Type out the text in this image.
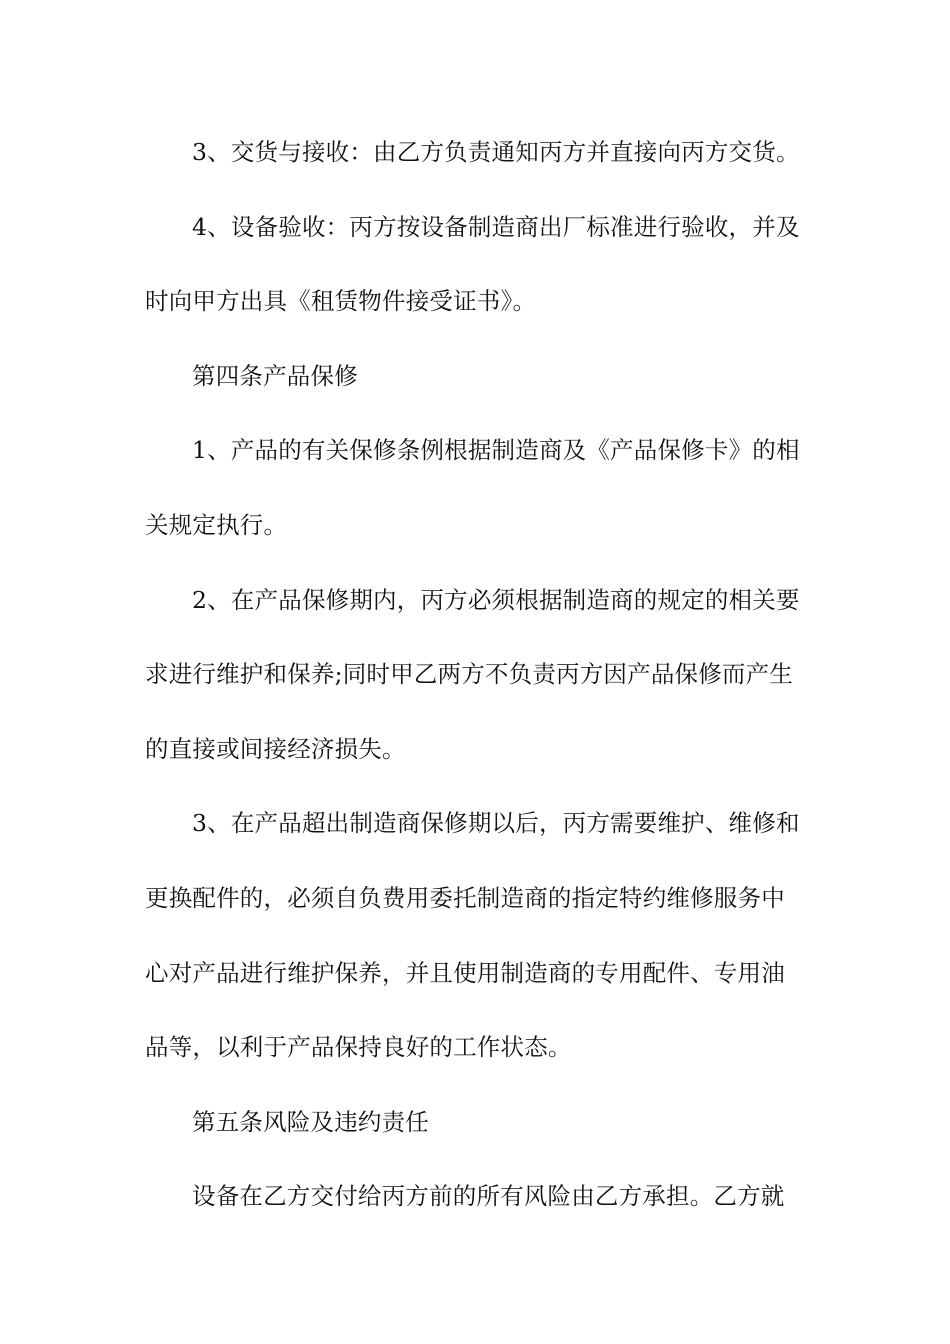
3、交货与接收：由乙方负责通知丙方并直接向丙方交货。
4、设备验收：丙方按设备制造商出厂标准进行验收，并及
时向甲方出具《租赁物件接受证书》。
第四条产品保修
1、产品的有关保修条例根据制造商及《产品保修卡》的相
关规定执行。
2、在产品保修期内，丙方必须根据制造商的规定的相关要
求进行维护和保养;同时甲乙两方不负责丙方因产品保修而产生
的直接或间接经济损失。
3、在产品超出制造商保修期以后，丙方需要维护、维修和
更换配件的，必须自负费用委托制造商的指定特约维修服务中
心对产品进行维护保养，并且使用制造商的专用配件、专用油
品等，以利于产品保持良好的工作状态。
第五条风险及违约责任
设备在乙方交付给丙方前的所有风险由乙方承担。乙方就
